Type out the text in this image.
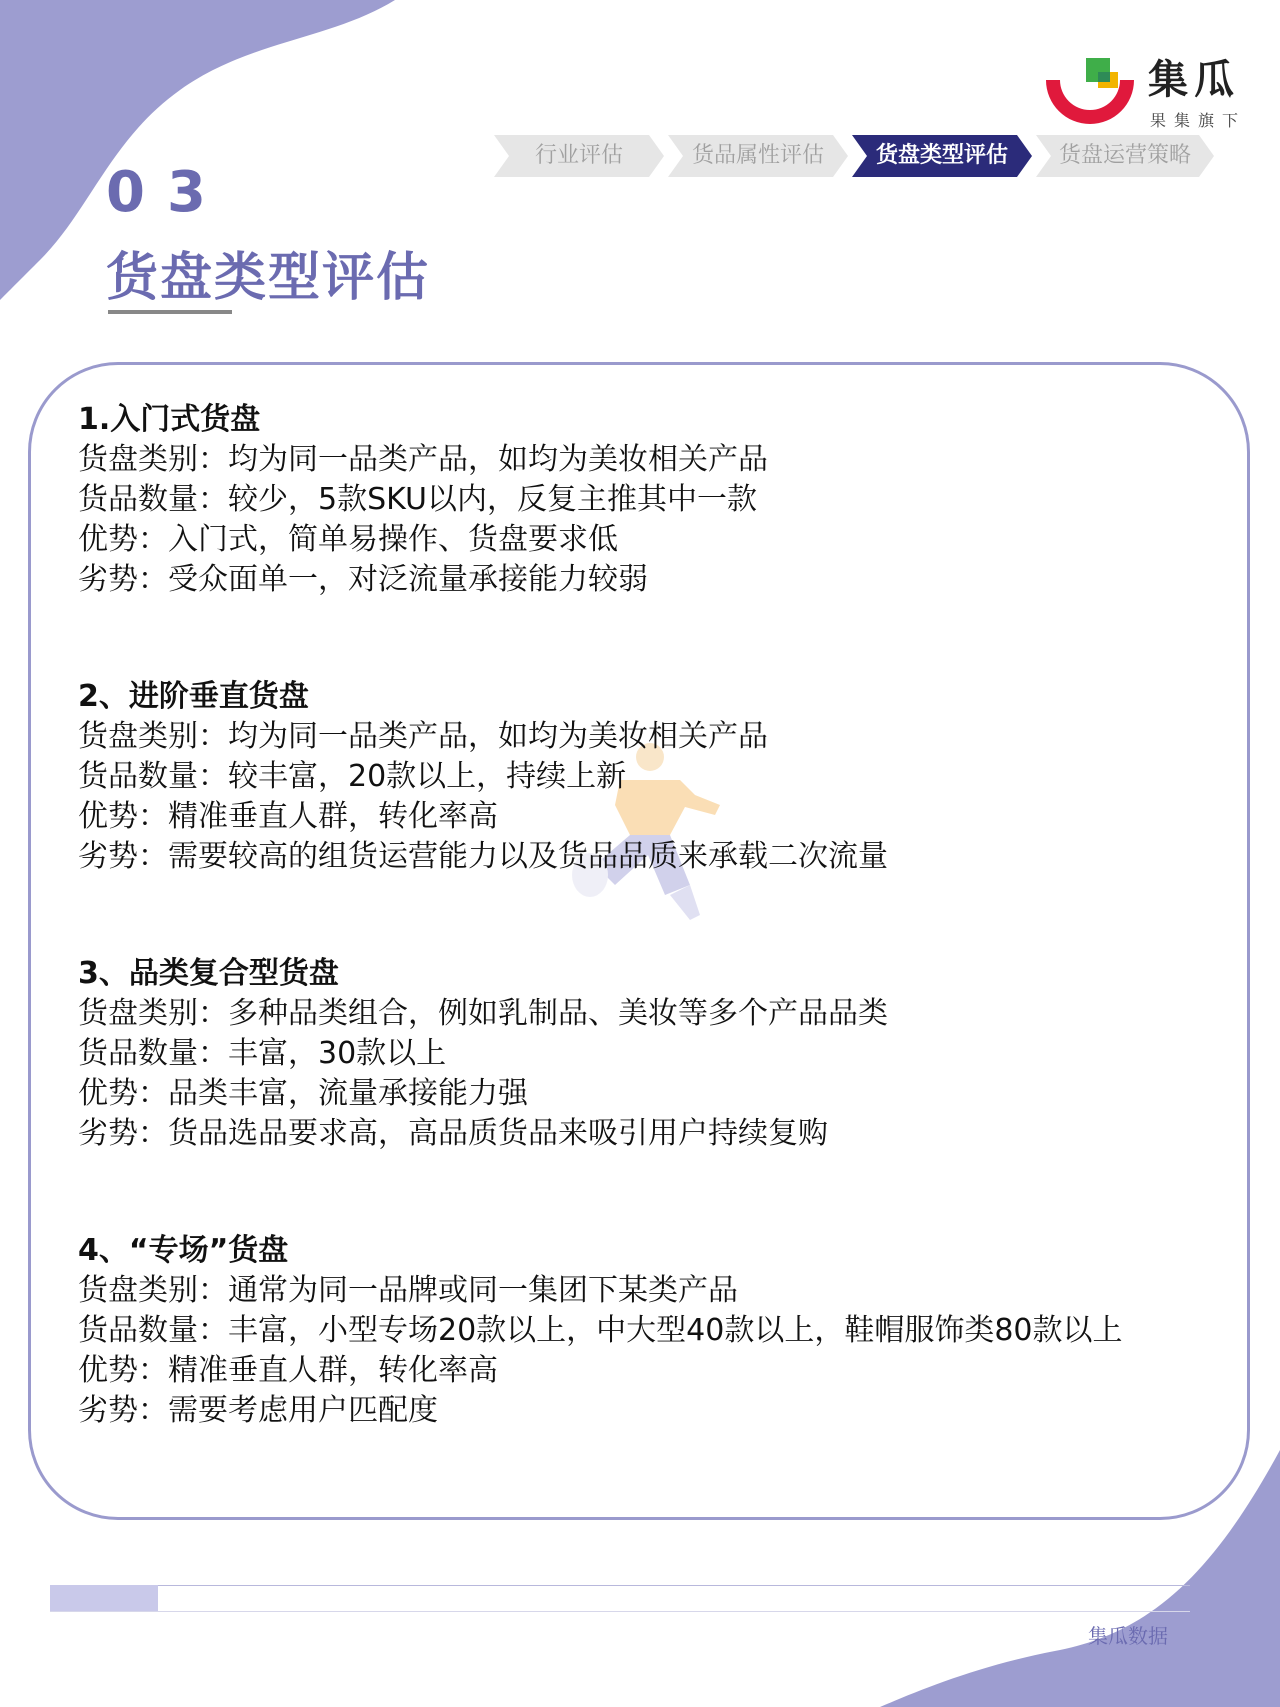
集瓜
果集旗下
行业评估	货品属性评估	货盘类型评估	货盘运营策略
03
货盘类型评估
1.入门式货盘

货盘类别：均为同一品类产品，如均为美妆相关产品

货品数量：较少，5款SKU以内，反复主推其中一款

优势：入门式，简单易操作、货盘要求低

劣势：受众面单一，对泛流量承接能力较弱

2、进阶垂直货盘

货盘类别：均为同一品类产品，如均为美妆相关产品

货品数量：较丰富，20款以上，持续上新

优势：精准垂直人群，转化率高

劣势：需要较高的组货运营能力以及货品品质来承载二次流量

3、品类复合型货盘

货盘类别：多种品类组合，例如乳制品、美妆等多个产品品类

货品数量：丰富，30款以上

优势：品类丰富，流量承接能力强

劣势：货品选品要求高，高品质货品来吸引用户持续复购

4、“专场”货盘

货盘类别：通常为同一品牌或同一集团下某类产品

货品数量：丰富，小型专场20款以上，中大型40款以上，鞋帽服饰类80款以上

优势：精准垂直人群，转化率高

劣势：需要考虑用户匹配度

集瓜数据
